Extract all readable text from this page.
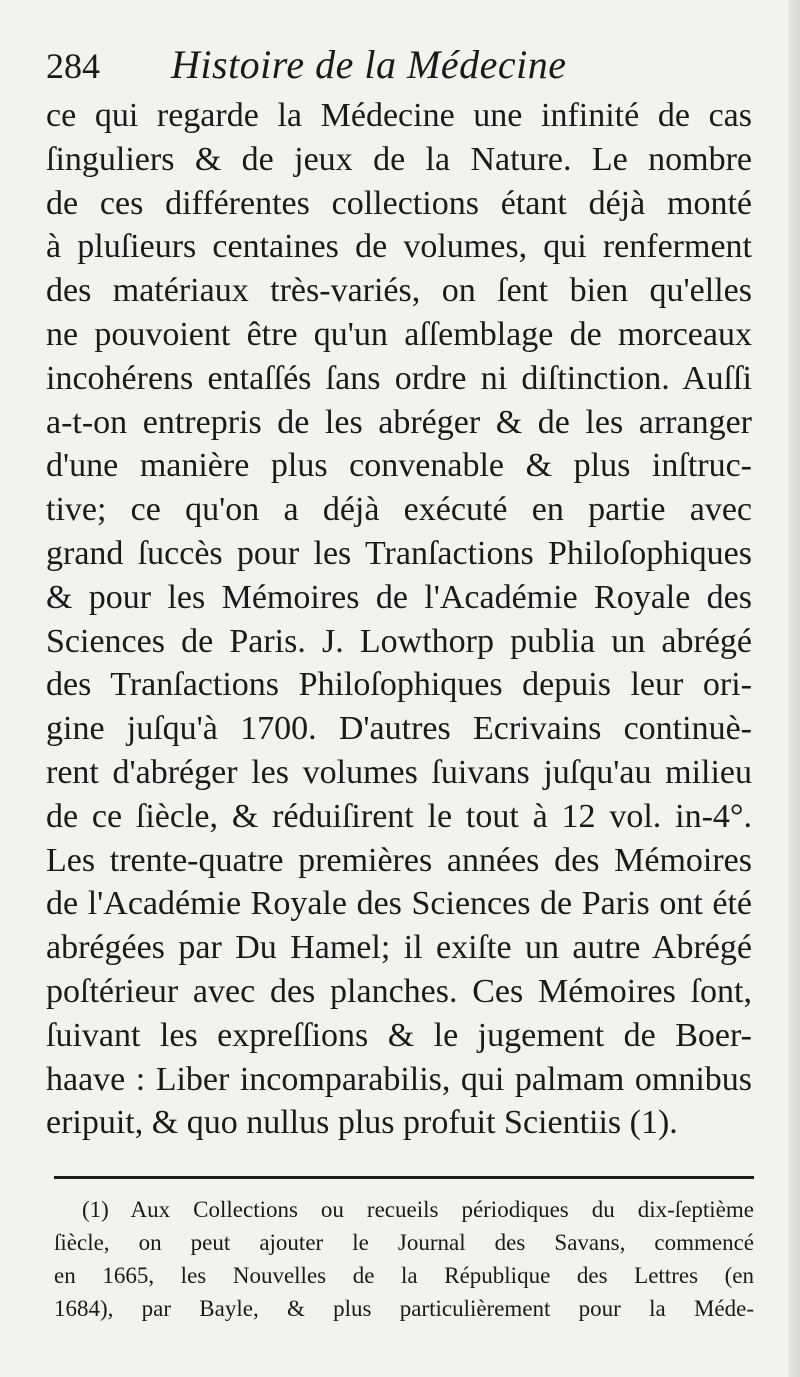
284 Histoire de la Médecine
ce qui regarde la Médecine une infinité de cas
ſinguliers & de jeux de la Nature. Le nombre
de ces différentes collections étant déjà monté
à pluſieurs centaines de volumes, qui renferment
des matériaux très-variés, on ſent bien qu'elles
ne pouvoient être qu'un aſſemblage de morceaux
incohérens entaſſés ſans ordre ni diſtinction. Auſſi
a-t-on entrepris de les abréger & de les arranger
d'une manière plus convenable & plus inſtruc-
tive; ce qu'on a déjà exécuté en partie avec
grand ſuccès pour les Tranſactions Philoſophiques
& pour les Mémoires de l'Académie Royale des
Sciences de Paris. J. Lowthorp publia un abrégé
des Tranſactions Philoſophiques depuis leur ori-
gine juſqu'à 1700. D'autres Ecrivains continuè-
rent d'abréger les volumes ſuivans juſqu'au milieu
de ce ſiècle, & réduiſirent le tout à 12 vol. in-4°.
Les trente-quatre premières années des Mémoires
de l'Académie Royale des Sciences de Paris ont été
abrégées par Du Hamel; il exiſte un autre Abrégé
poſtérieur avec des planches. Ces Mémoires ſont,
ſuivant les expreſſions & le jugement de Boer-
haave : Liber incomparabilis, qui palmam omnibus
eripuit, & quo nullus plus profuit Scientiis (1).
(1) Aux Collections ou recueils périodiques du dix-ſeptième
ſiècle, on peut ajouter le Journal des Savans, commencé
en 1665, les Nouvelles de la République des Lettres (en
1684), par Bayle, & plus particulièrement pour la Méde-
